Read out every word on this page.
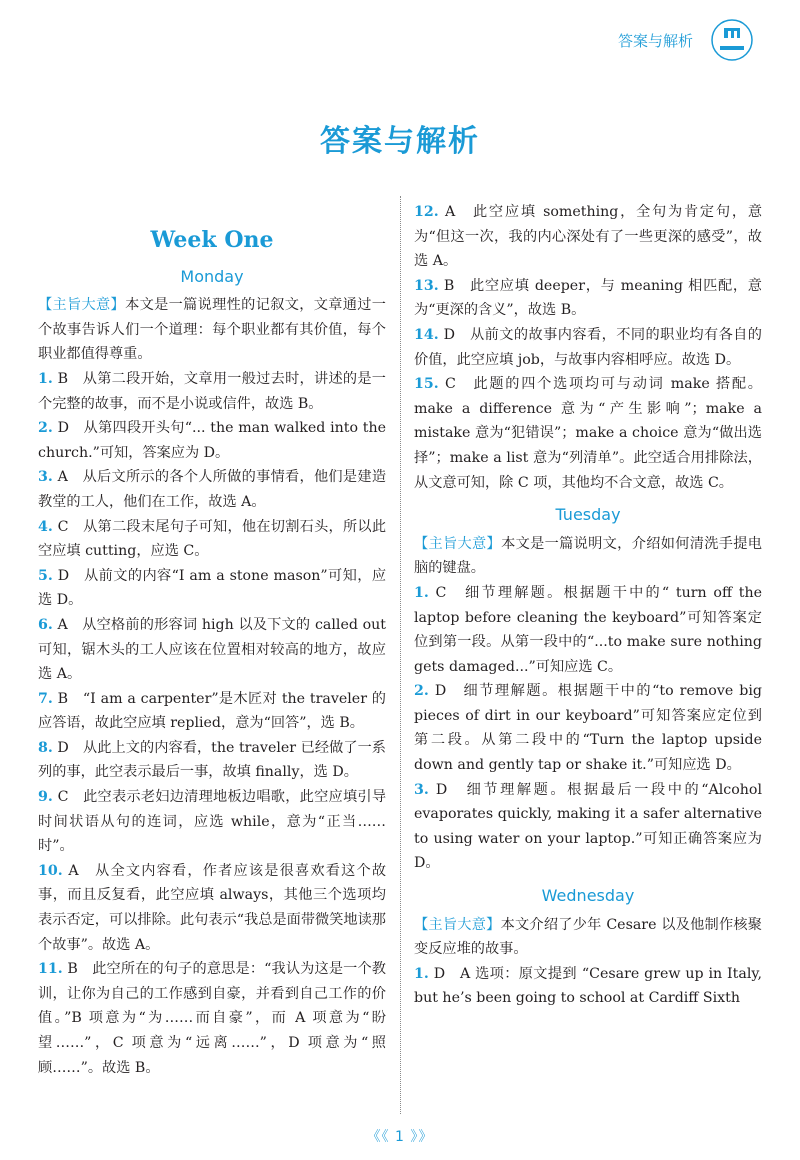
答案与解析
答案与解析
Week One
Monday

【主旨大意】本文是一篇说理性的记叙文，文章通过一个故事告诉人们一个道理：每个职业都有其价值，每个职业都值得尊重。

1. B　从第二段开始，文章用一般过去时，讲述的是一个完整的故事，而不是小说或信件，故选 B。

2. D　从第四段开头句“... the man walked into the church.”可知，答案应为 D。

3. A　从后文所示的各个人所做的事情看，他们是建造教堂的工人，他们在工作，故选 A。

4. C　从第二段末尾句子可知，他在切割石头，所以此空应填 cutting，应选 C。

5. D　从前文的内容“I am a stone mason”可知，应选 D。

6. A　从空格前的形容词 high 以及下文的 called out 可知，锯木头的工人应该在位置相对较高的地方，故应选 A。

7. B　“I am a carpenter”是木匠对 the traveler 的应答语，故此空应填 replied，意为“回答”，选 B。

8. D　从此上文的内容看，the traveler 已经做了一系列的事，此空表示最后一事，故填 finally，选 D。

9. C　此空表示老妇边清理地板边唱歌，此空应填引导时间状语从句的连词，应选 while，意为“正当……时”。

10. A　从全文内容看，作者应该是很喜欢看这个故事，而且反复看，此空应填 always，其他三个选项均表示否定，可以排除。此句表示“我总是面带微笑地读那个故事”。故选 A。

11. B　此空所在的句子的意思是：“我认为这是一个教训，让你为自己的工作感到自豪，并看到自己工作的价值。”B 项意为“为……而自豪”，而 A 项意为“盼望……”，C 项意为“远离……”，D 项意为“照顾……”。故选 B。

12. A　此空应填 something，全句为肯定句，意为“但这一次，我的内心深处有了一些更深的感受”，故选 A。

13. B　此空应填 deeper，与 meaning 相匹配，意为“更深的含义”，故选 B。

14. D　从前文的故事内容看，不同的职业均有各自的价值，此空应填 job，与故事内容相呼应。故选 D。

15. C　此题的四个选项均可与动词 make 搭配。make a difference 意为“产生影响”；make a mistake 意为“犯错误”；make a choice 意为“做出选择”；make a list 意为“列清单”。此空适合用排除法，从文意可知，除 C 项，其他均不合文意，故选 C。

Tuesday

【主旨大意】本文是一篇说明文，介绍如何清洗手提电脑的键盘。

1. C　细节理解题。根据题干中的“ turn off the laptop before cleaning the keyboard”可知答案定位到第一段。从第一段中的“...to make sure nothing gets damaged...”可知应选 C。

2. D　细节理解题。根据题干中的“to remove big pieces of dirt in our keyboard”可知答案应定位到第二段。从第二段中的“Turn the laptop upside down and gently tap or shake it.”可知应选 D。

3. D　细节理解题。根据最后一段中的“Alcohol evaporates quickly, making it a safer alternative to using water on your laptop.”可知正确答案应为 D。

Wednesday

【主旨大意】本文介绍了少年 Cesare 以及他制作核聚变反应堆的故事。

1. D　A 选项：原文提到 “Cesare grew up in Italy, but he’s been going to school at Cardiff Sixth

《《 1 》》
